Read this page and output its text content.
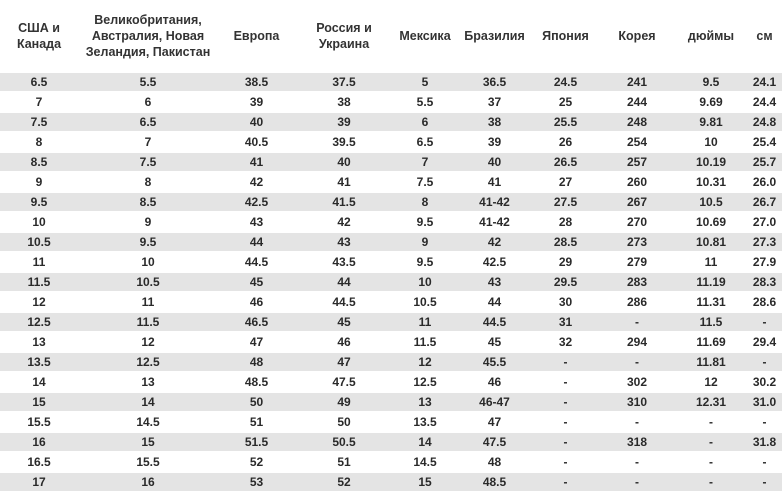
США и Канада	Великобритания, Австралия, Новая Зеландия, Пакистан	Европа	Россия и Украина	Мексика	Бразилия	Япония	Корея	дюймы	см
6.5	5.5	38.5	37.5	5	36.5	24.5	241	9.5	24.1
7	6	39	38	5.5	37	25	244	9.69	24.4
7.5	6.5	40	39	6	38	25.5	248	9.81	24.8
8	7	40.5	39.5	6.5	39	26	254	10	25.4
8.5	7.5	41	40	7	40	26.5	257	10.19	25.7
9	8	42	41	7.5	41	27	260	10.31	26.0
9.5	8.5	42.5	41.5	8	41-42	27.5	267	10.5	26.7
10	9	43	42	9.5	41-42	28	270	10.69	27.0
10.5	9.5	44	43	9	42	28.5	273	10.81	27.3
11	10	44.5	43.5	9.5	42.5	29	279	11	27.9
11.5	10.5	45	44	10	43	29.5	283	11.19	28.3
12	11	46	44.5	10.5	44	30	286	11.31	28.6
12.5	11.5	46.5	45	11	44.5	31	-	11.5	-
13	12	47	46	11.5	45	32	294	11.69	29.4
13.5	12.5	48	47	12	45.5	-	-	11.81	-
14	13	48.5	47.5	12.5	46	-	302	12	30.2
15	14	50	49	13	46-47	-	310	12.31	31.0
15.5	14.5	51	50	13.5	47	-	-	-	-
16	15	51.5	50.5	14	47.5	-	318	-	31.8
16.5	15.5	52	51	14.5	48	-	-	-	-
17	16	53	52	15	48.5	-	-	-	-
